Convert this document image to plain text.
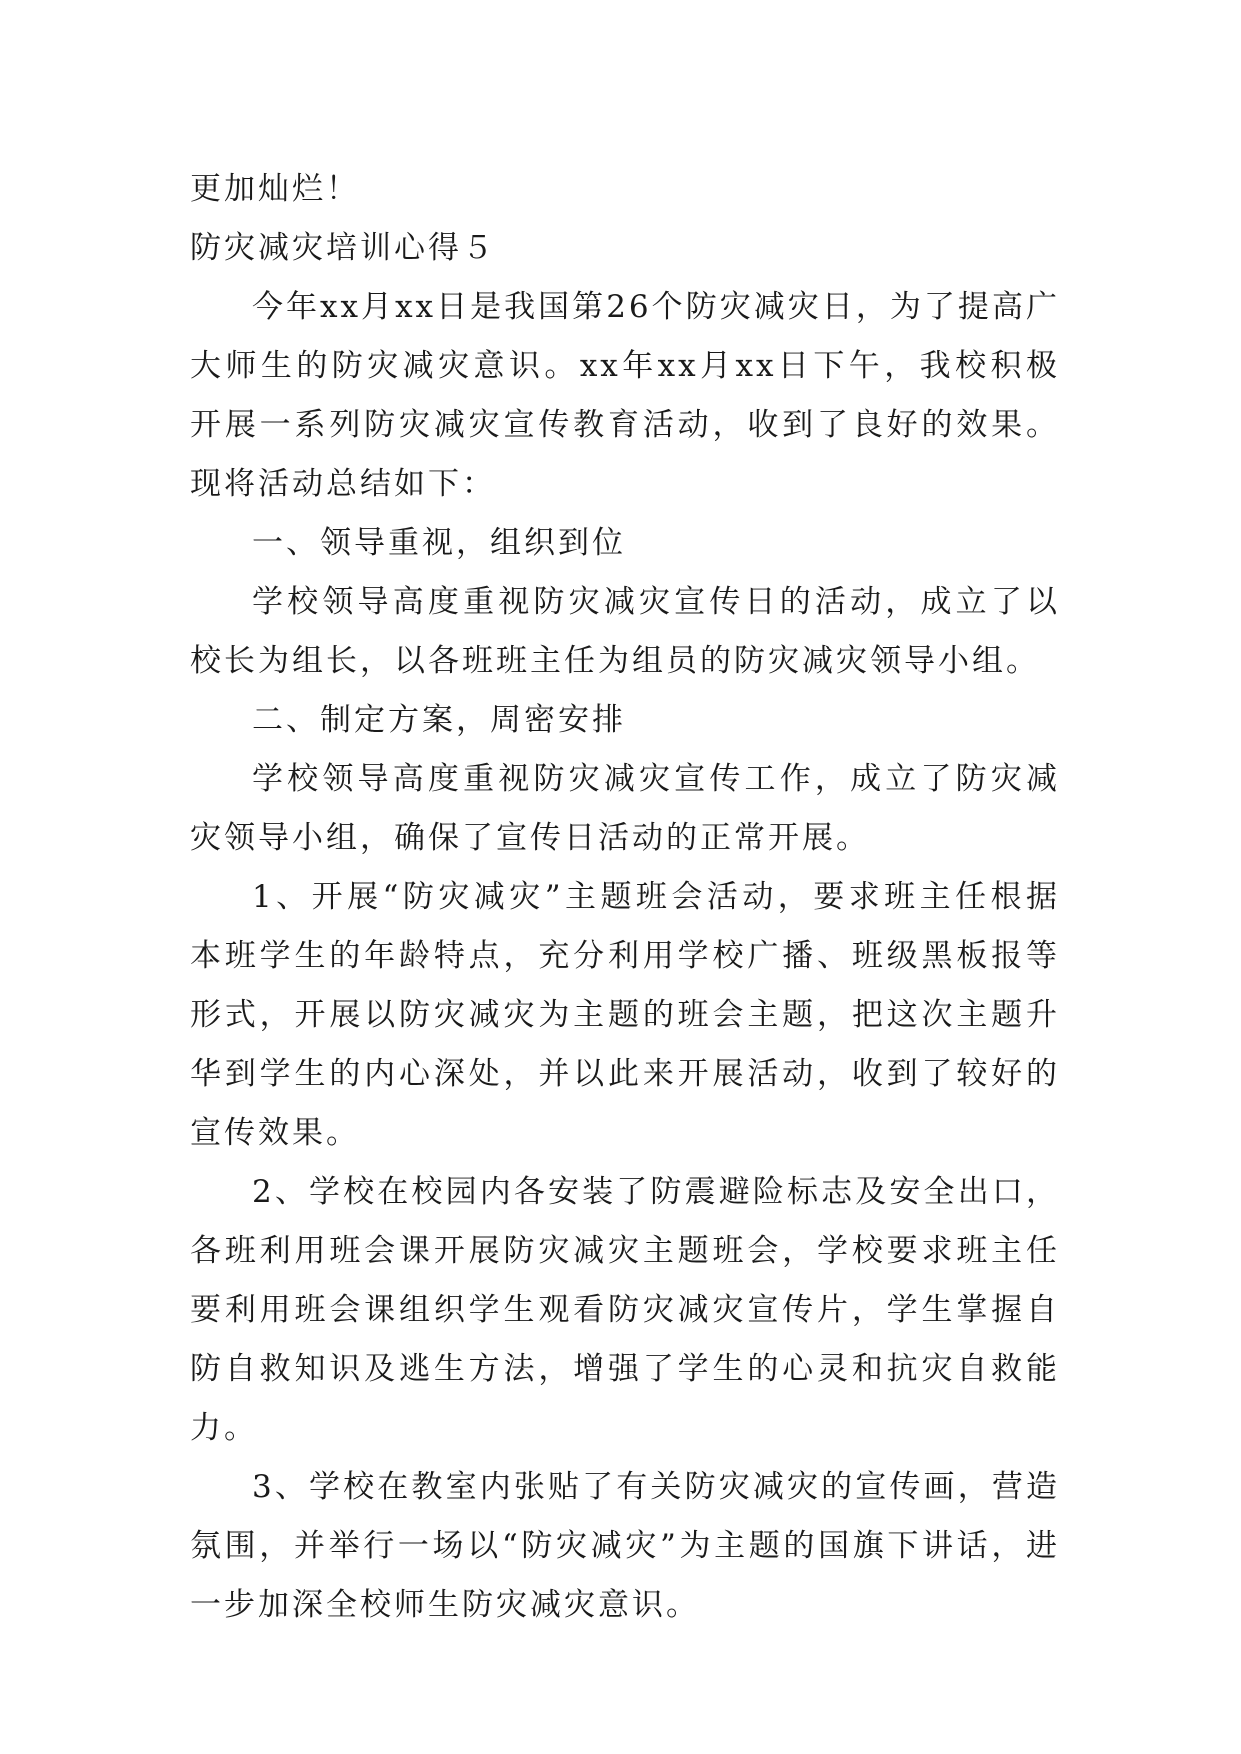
更加灿烂！

防灾减灾培训心得５

今年xx月xx日是我国第26个防灾减灾日，为了提高广大师生的防灾减灾意识。xx年xx月xx日下午，我校积极开展一系列防灾减灾宣传教育活动，收到了良好的效果。现将活动总结如下：

一、领导重视，组织到位

学校领导高度重视防灾减灾宣传日的活动，成立了以校长为组长，以各班班主任为组员的防灾减灾领导小组。

二、制定方案，周密安排

学校领导高度重视防灾减灾宣传工作，成立了防灾减灾领导小组，确保了宣传日活动的正常开展。

1、开展“防灾减灾”主题班会活动，要求班主任根据本班学生的年龄特点，充分利用学校广播、班级黑板报等形式，开展以防灾减灾为主题的班会主题，把这次主题升华到学生的内心深处，并以此来开展活动，收到了较好的宣传效果。

2、学校在校园内各安装了防震避险标志及安全出口，各班利用班会课开展防灾减灾主题班会，学校要求班主任要利用班会课组织学生观看防灾减灾宣传片，学生掌握自防自救知识及逃生方法，增强了学生的心灵和抗灾自救能力。

3、学校在教室内张贴了有关防灾减灾的宣传画，营造氛围，并举行一场以“防灾减灾”为主题的国旗下讲话，进一步加深全校师生防灾减灾意识。
